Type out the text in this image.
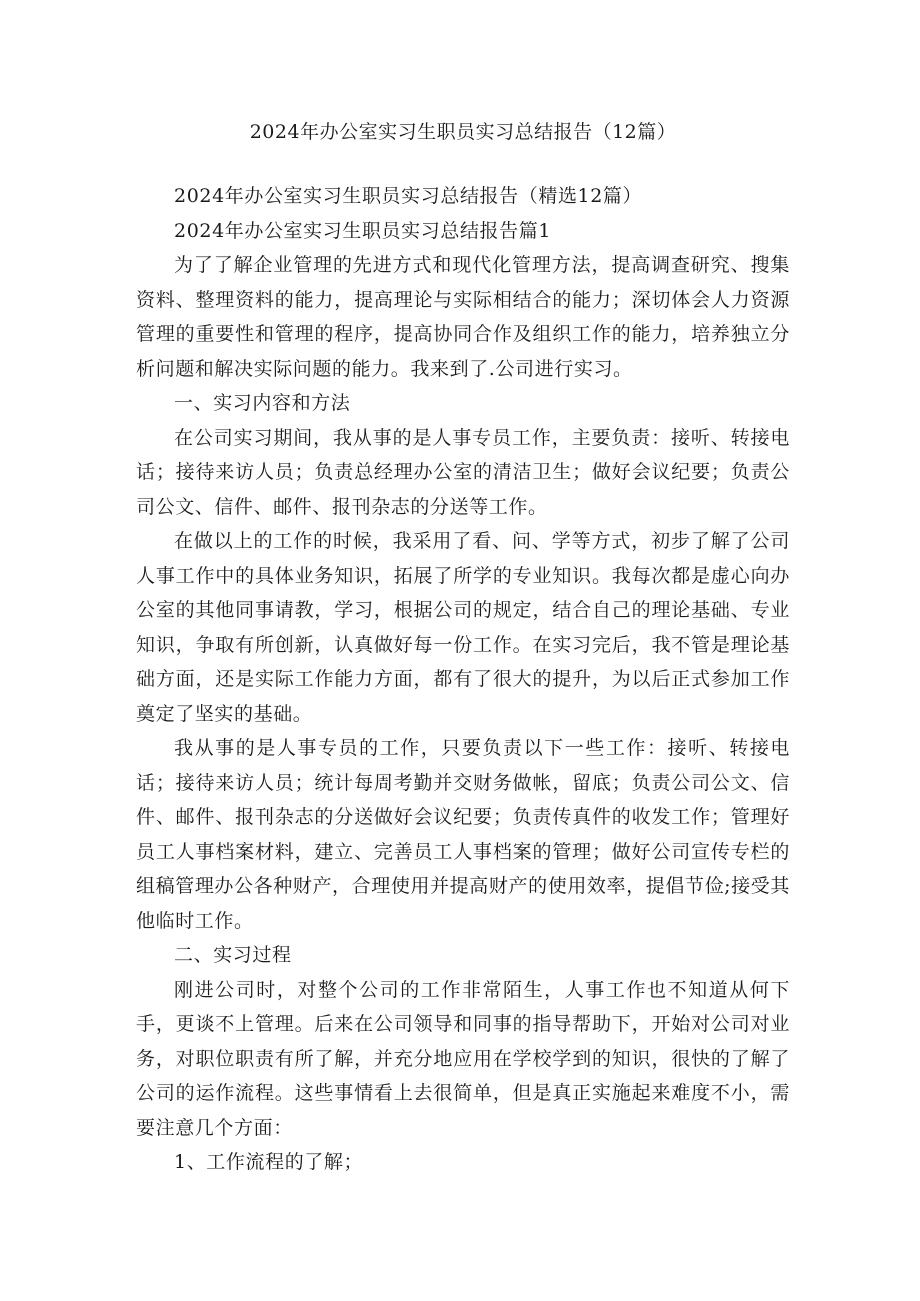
2024年办公室实习生职员实习总结报告（12篇）

2024年办公室实习生职员实习总结报告（精选12篇）

2024年办公室实习生职员实习总结报告篇1

为了了解企业管理的先进方式和现代化管理方法，提高调查研究、搜集资料、整理资料的能力，提高理论与实际相结合的能力；深切体会人力资源管理的重要性和管理的程序，提高协同合作及组织工作的能力，培养独立分析问题和解决实际问题的能力。我来到了.公司进行实习。

一、实习内容和方法

在公司实习期间，我从事的是人事专员工作，主要负责：接听、转接电话；接待来访人员；负责总经理办公室的清洁卫生；做好会议纪要；负责公司公文、信件、邮件、报刊杂志的分送等工作。

在做以上的工作的时候，我采用了看、问、学等方式，初步了解了公司人事工作中的具体业务知识，拓展了所学的专业知识。我每次都是虚心向办公室的其他同事请教，学习，根据公司的规定，结合自己的理论基础、专业知识，争取有所创新，认真做好每一份工作。在实习完后，我不管是理论基础方面，还是实际工作能力方面，都有了很大的提升，为以后正式参加工作奠定了坚实的基础。

我从事的是人事专员的工作，只要负责以下一些工作：接听、转接电话；接待来访人员；统计每周考勤并交财务做帐，留底；负责公司公文、信件、邮件、报刊杂志的分送做好会议纪要；负责传真件的收发工作；管理好员工人事档案材料，建立、完善员工人事档案的管理；做好公司宣传专栏的组稿管理办公各种财产，合理使用并提高财产的使用效率，提倡节俭;接受其他临时工作。

二、实习过程

刚进公司时，对整个公司的工作非常陌生，人事工作也不知道从何下手，更谈不上管理。后来在公司领导和同事的指导帮助下，开始对公司对业务，对职位职责有所了解，并充分地应用在学校学到的知识，很快的了解了公司的运作流程。这些事情看上去很简单，但是真正实施起来难度不小，需要注意几个方面：

1、工作流程的了解；
